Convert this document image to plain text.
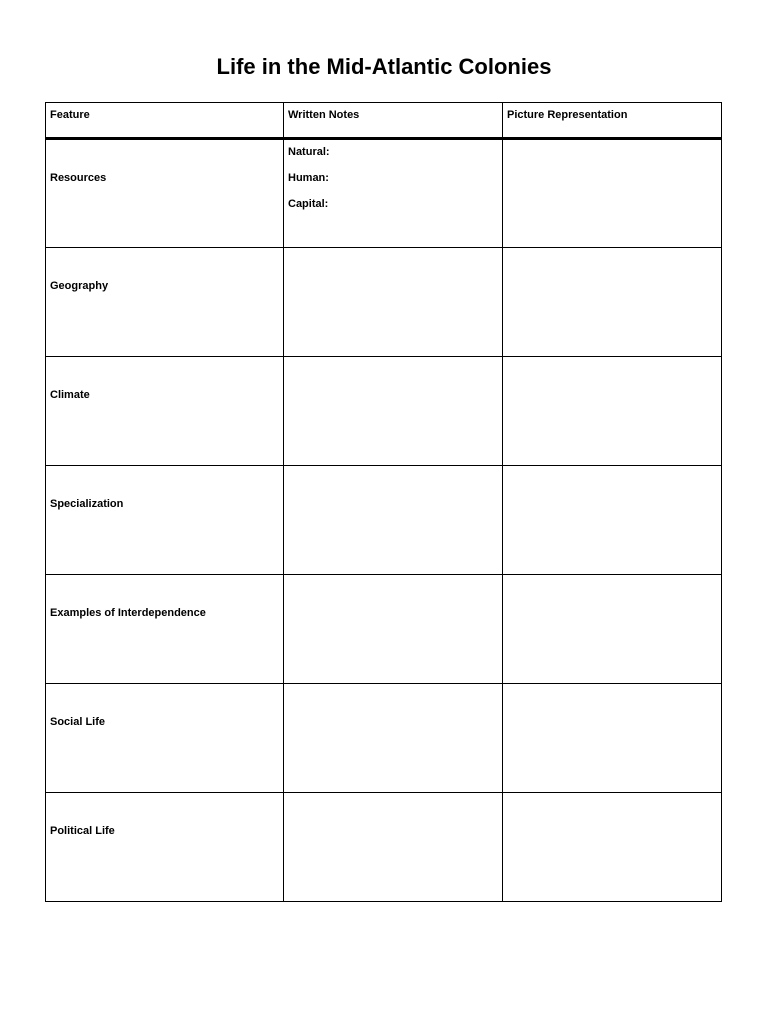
Life in the Mid-Atlantic Colonies
Feature	Written Notes	Picture Representation
Resources	Natural:
Human:
Capital:	

Geography		
Climate		
Specialization		
Examples of Interdependence		
Social Life		
Political Life		
